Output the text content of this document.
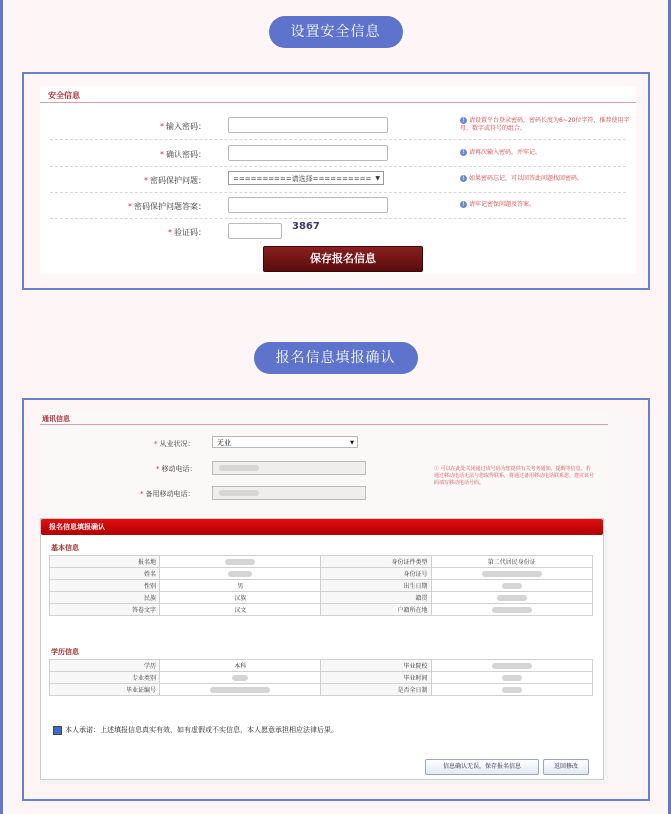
设置安全信息
安全信息
* 输入密码：
! 请设置平台登录密码，密码长度为6~20位字符，推荐使用字母、数字或符号的组合。
* 确认密码：	! 请再次输入密码，并牢记。
* 密码保护问题：	==========请选择========== ▼	! 如果密码忘记，可以回答此问题找回密码。
* 密码保护问题答案：	! 请牢记密保问题及答案。
* 验证码：
3867
保存报名信息
报名信息填报确认
通讯信息
* 从业状况：	无业	▼
* 移动电话：
* 备用移动电话：
ⓘ 可以在此处关闭通过该号码为您提供有关考务通知、提醒等信息，若通过移动电话无法与您取得联系，将通过备用移动电话联系您，建议该号码填写移动电话号码。
报名信息填报确认
基本信息
报名地		身份证件类型	第二代居民身份证
姓名		身份证号	
性别	男	出生日期	
民族	汉族	籍贯	
答卷文字	汉文	户籍所在地	
学历信息
学历	本科	毕业院校	
专业类别		毕业时间	
毕业证编号		是否全日制	
本人承诺：上述填报信息真实有效，如有虚假或不实信息，本人愿意承担相应法律后果。
信息确认无误，保存报名信息	返回修改
